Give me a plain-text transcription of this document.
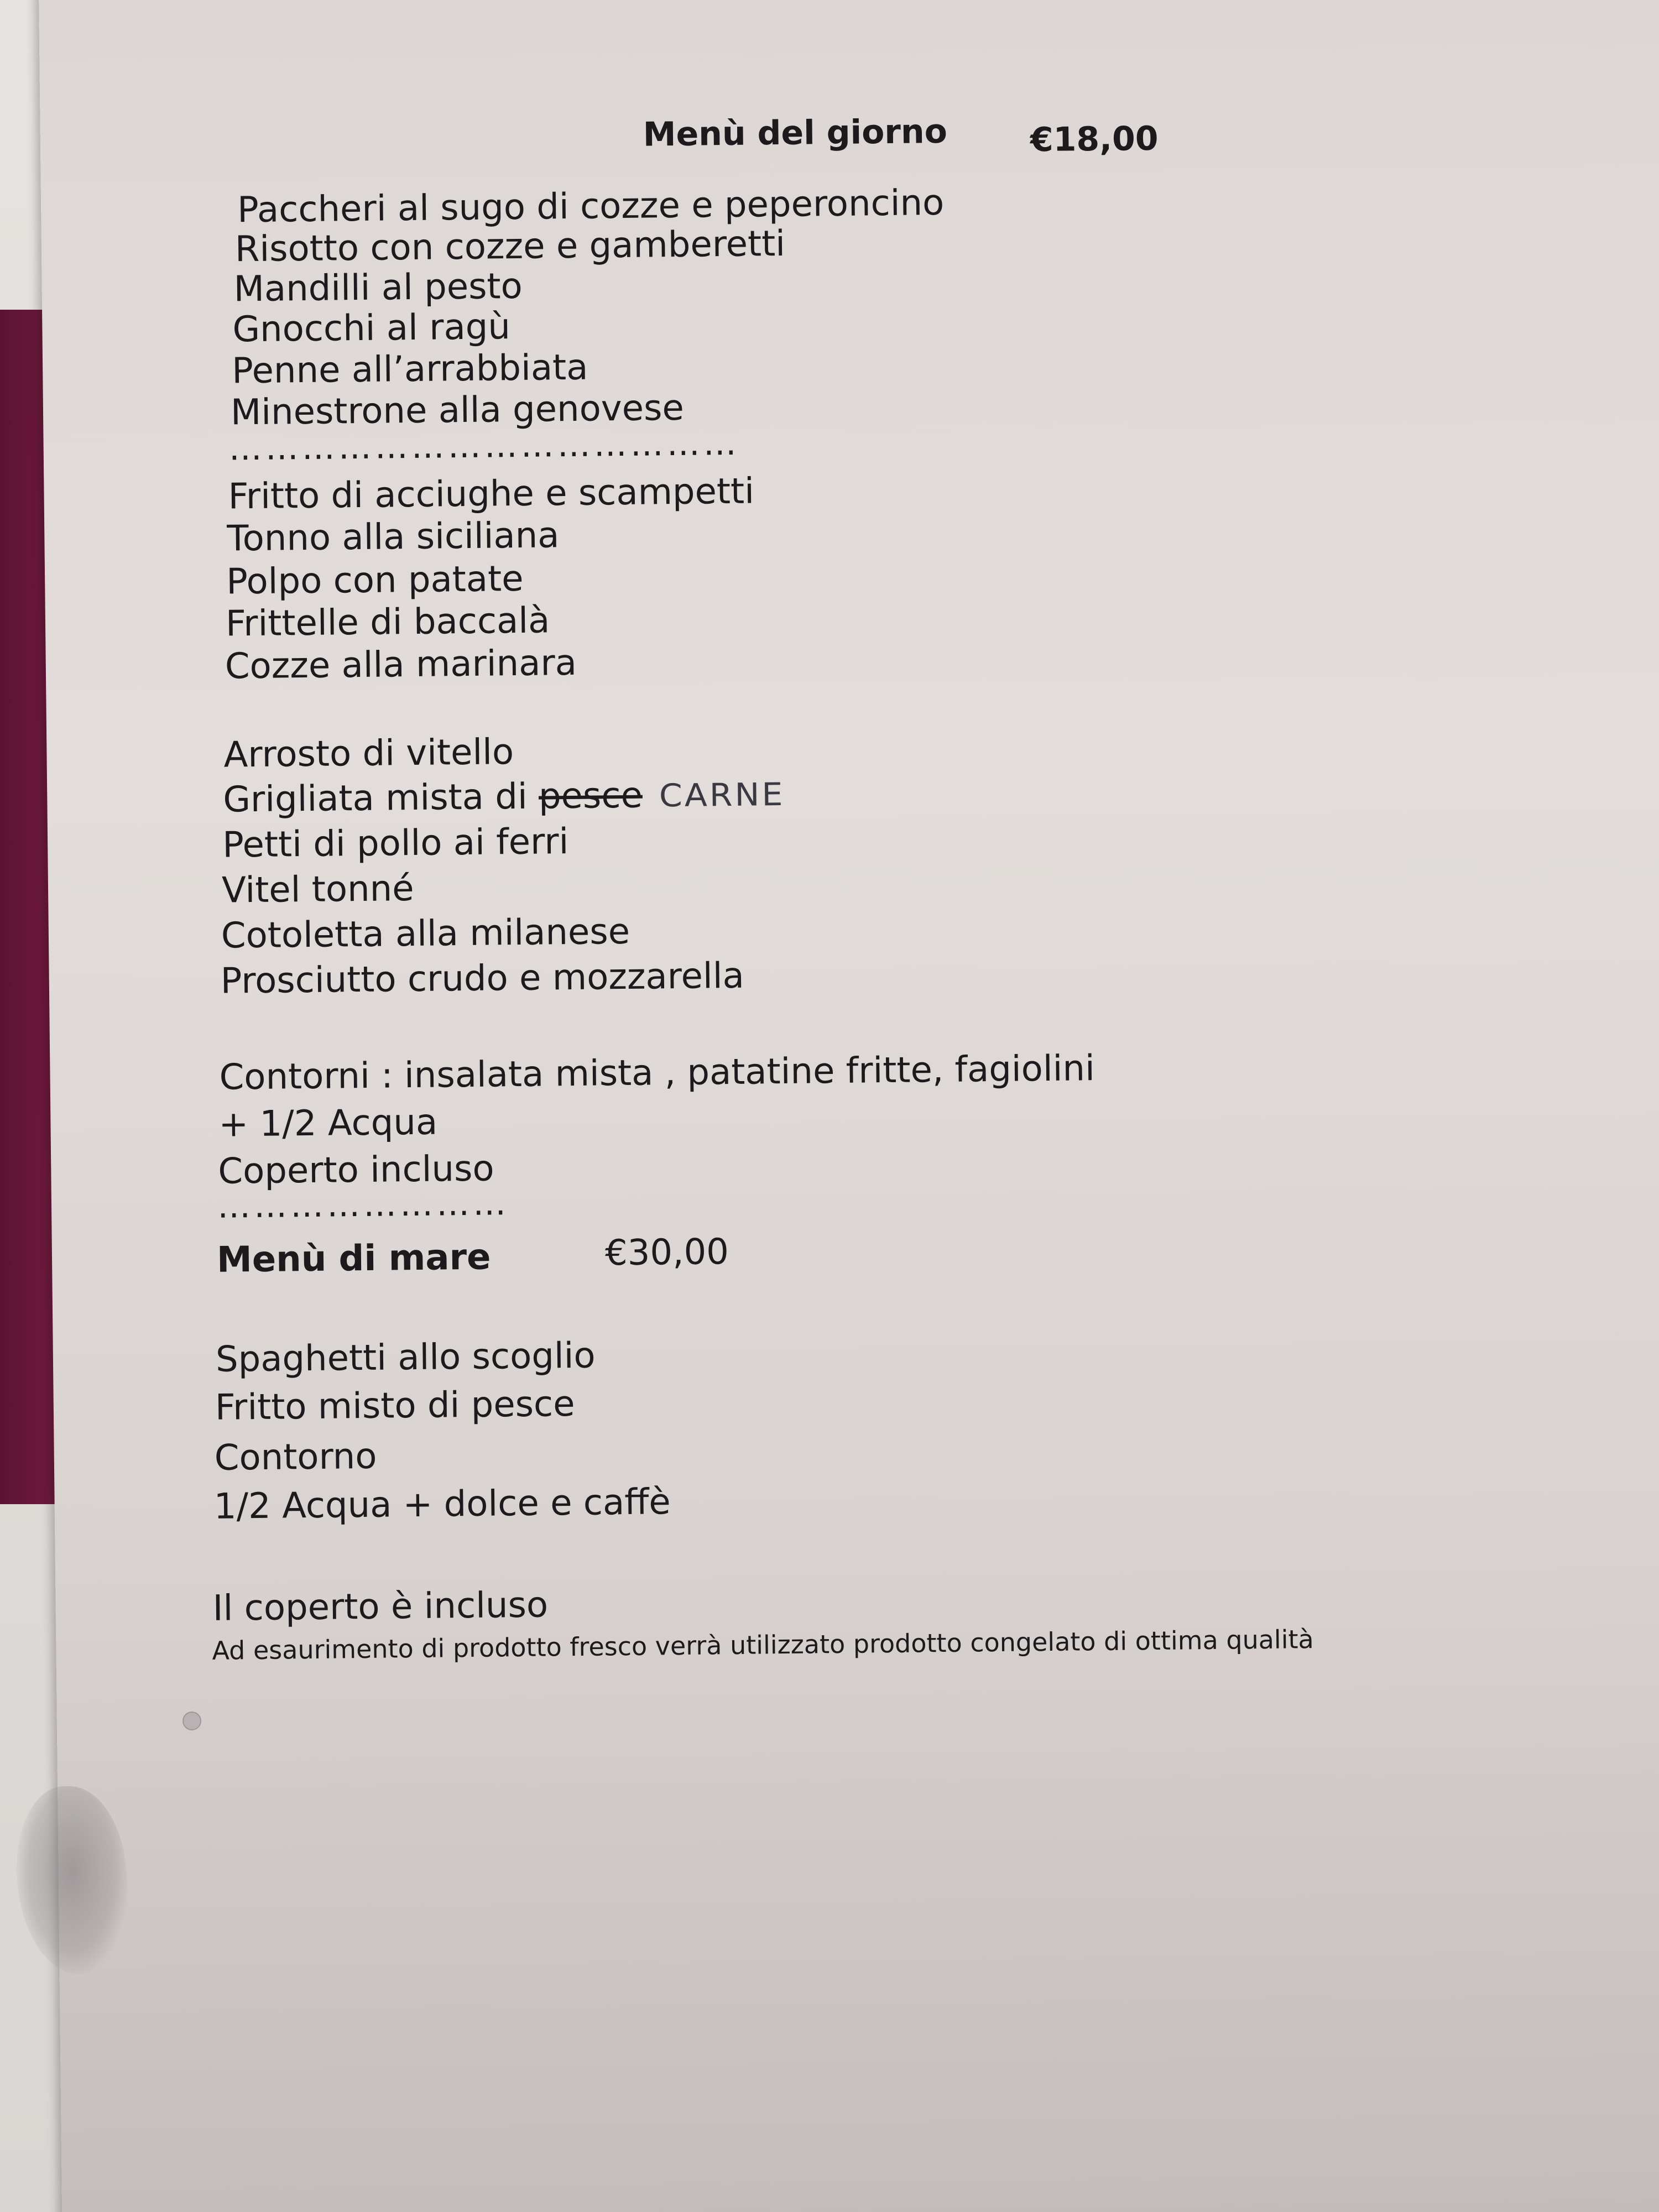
Menù del giorno €18,00
Paccheri al sugo di cozze e peperoncino
Risotto con cozze e gamberetti
Mandilli al pesto
Gnocchi al ragù
Penne all’arrabbiata
Minestrone alla genovese
……………………………………
Fritto di acciughe e scampetti
Tonno alla siciliana
Polpo con patate
Frittelle di baccalà
Cozze alla marinara
Arrosto di vitello
Grigliata mista di pesce CARNE
Petti di pollo ai ferri
Vitel tonné
Cotoletta alla milanese
Prosciutto crudo e mozzarella
Contorni : insalata mista , patatine fritte, fagiolini
+ 1/2 Acqua
Coperto incluso
……………………
Menù di mare	€30,00
Spaghetti allo scoglio
Fritto misto di pesce
Contorno
1/2 Acqua + dolce e caffè
Il coperto è incluso
Ad esaurimento di prodotto fresco verrà utilizzato prodotto congelato di ottima qualità
